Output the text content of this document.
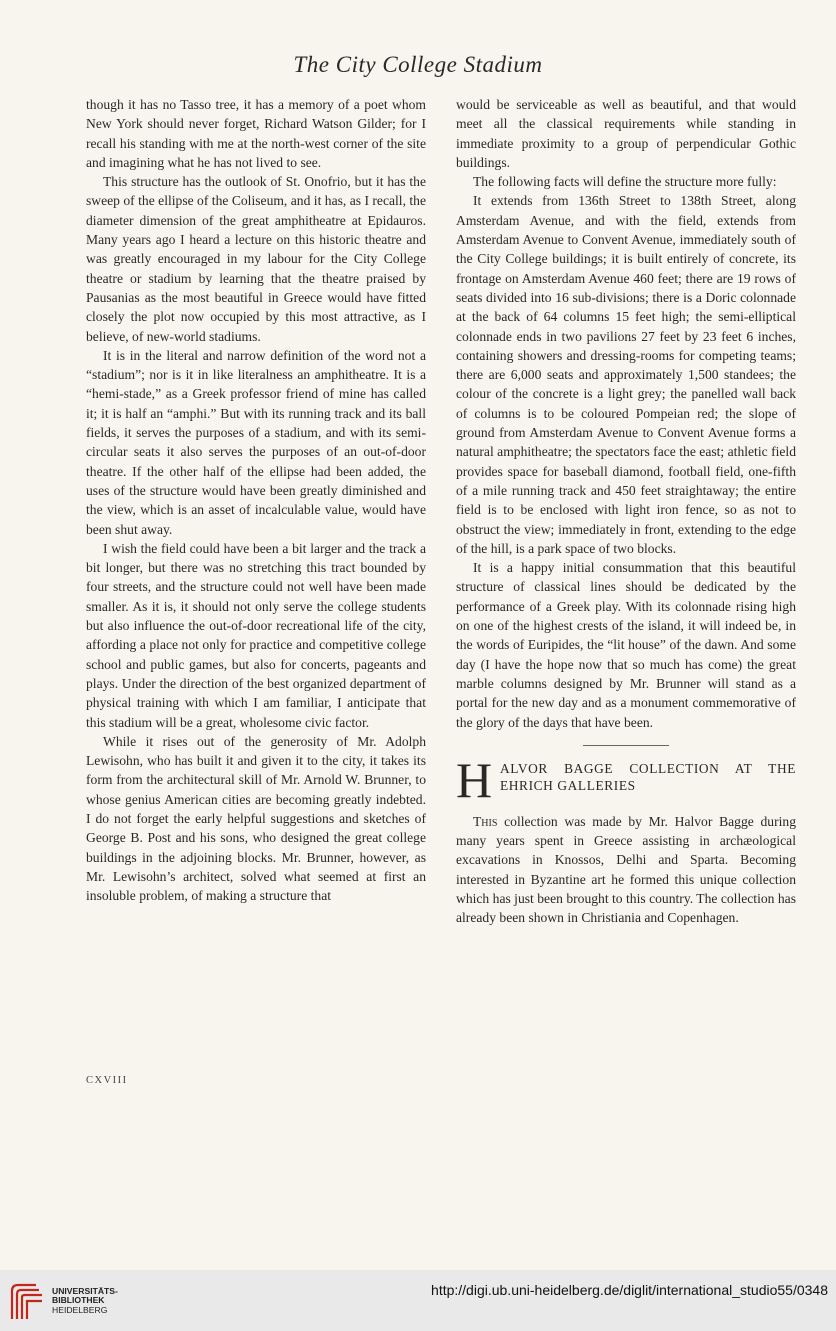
The City College Stadium

though it has no Tasso tree, it has a memory of a poet whom New York should never forget, Richard Watson Gilder; for I recall his standing with me at the north-west corner of the site and imagining what he has not lived to see.

This structure has the outlook of St. Onofrio, but it has the sweep of the ellipse of the Coliseum, and it has, as I recall, the diameter dimension of the great amphitheatre at Epidauros. Many years ago I heard a lecture on this historic theatre and was greatly encouraged in my labour for the City College theatre or stadium by learning that the theatre praised by Pausanias as the most beautiful in Greece would have fitted closely the plot now occupied by this most attractive, as I believe, of new-world stadiums.

It is in the literal and narrow definition of the word not a “stadium”; nor is it in like literalness an amphitheatre. It is a “hemi-stade,” as a Greek professor friend of mine has called it; it is half an “amphi.” But with its running track and its ball fields, it serves the purposes of a stadium, and with its semi-circular seats it also serves the purposes of an out-of-door theatre. If the other half of the ellipse had been added, the uses of the structure would have been greatly diminished and the view, which is an asset of incalculable value, would have been shut away.

I wish the field could have been a bit larger and the track a bit longer, but there was no stretching this tract bounded by four streets, and the structure could not well have been made smaller. As it is, it should not only serve the college students but also influence the out-of-door recreational life of the city, affording a place not only for practice and competitive college school and public games, but also for concerts, pageants and plays. Under the direction of the best organized department of physical training with which I am familiar, I anticipate that this stadium will be a great, wholesome civic factor.

While it rises out of the generosity of Mr. Adolph Lewisohn, who has built it and given it to the city, it takes its form from the architectural skill of Mr. Arnold W. Brunner, to whose genius American cities are becoming greatly indebted. I do not forget the early helpful suggestions and sketches of George B. Post and his sons, who designed the great college buildings in the adjoining blocks. Mr. Brunner, however, as Mr. Lewisohn’s architect, solved what seemed at first an insoluble problem, of making a structure that

would be serviceable as well as beautiful, and that would meet all the classical requirements while standing in immediate proximity to a group of perpendicular Gothic buildings.

The following facts will define the structure more fully:

It extends from 136th Street to 138th Street, along Amsterdam Avenue, and with the field, extends from Amsterdam Avenue to Convent Avenue, immediately south of the City College buildings; it is built entirely of concrete, its frontage on Amsterdam Avenue 460 feet; there are 19 rows of seats divided into 16 sub-divisions; there is a Doric colonnade at the back of 64 columns 15 feet high; the semi-elliptical colonnade ends in two pavilions 27 feet by 23 feet 6 inches, containing showers and dressing-rooms for competing teams; there are 6,000 seats and approximately 1,500 standees; the colour of the concrete is a light grey; the panelled wall back of columns is to be coloured Pompeian red; the slope of ground from Amsterdam Avenue to Convent Avenue forms a natural amphitheatre; the spectators face the east; athletic field provides space for baseball diamond, football field, one-fifth of a mile running track and 450 feet straightaway; the entire field is to be enclosed with light iron fence, so as not to obstruct the view; immediately in front, extending to the edge of the hill, is a park space of two blocks.

It is a happy initial consummation that this beautiful structure of classical lines should be dedicated by the performance of a Greek play. With its colonnade rising high on one of the highest crests of the island, it will indeed be, in the words of Euripides, the “lit house” of the dawn. And some day (I have the hope now that so much has come) the great marble columns designed by Mr. Brunner will stand as a portal for the new day and as a monument commemorative of the glory of the days that have been.

H ALVOR BAGGE COLLECTION AT THE EHRICH GALLERIES

This collection was made by Mr. Halvor Bagge during many years spent in Greece assisting in archæological excavations in Knossos, Delhi and Sparta. Becoming interested in Byzantine art he formed this unique collection which has just been brought to this country. The collection has already been shown in Christiania and Copenhagen.

CXVIII
UNIVERSITÄTS-
BIBLIOTHEK
HEIDELBERG
http://digi.ub.uni-heidelberg.de/diglit/international_studio55/0348
